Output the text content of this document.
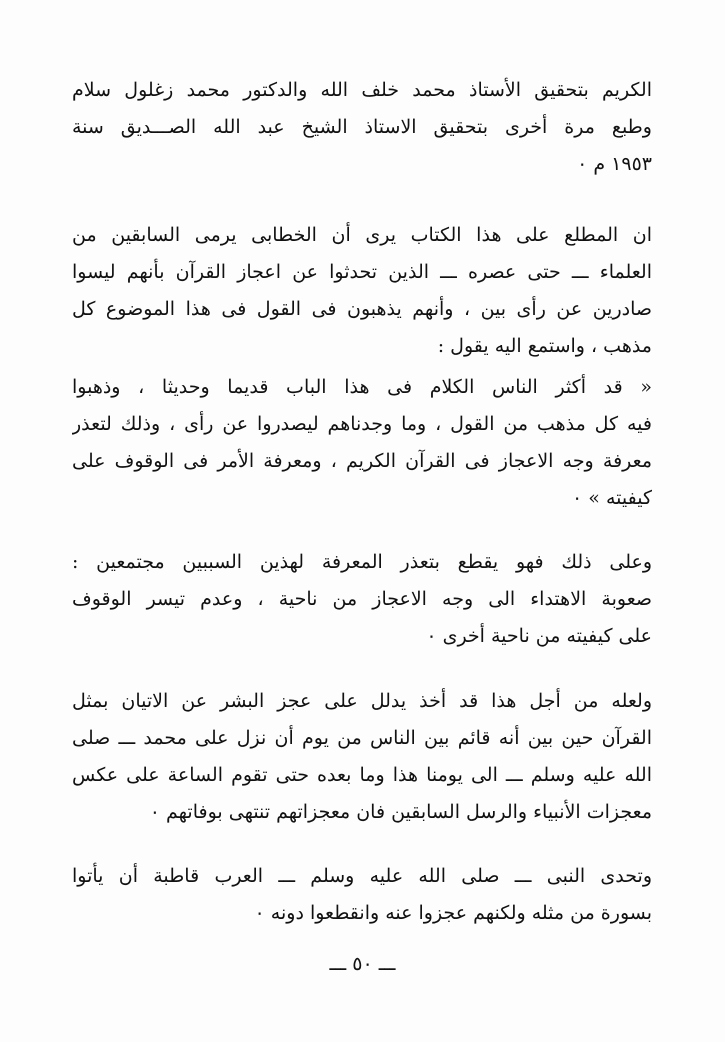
الكريم بتحقيق الأستاذ محمد خلف الله والدكتور محمد زغلول سلام
وطبع مرة أخرى بتحقيق الاستاذ الشيخ عبد الله الصـــديق سنة
١٩٥٣ م ٠
ان المطلع على هذا الكتاب يرى أن الخطابى يرمى السابقين من
العلماء ـــ حتى عصره ـــ الذين تحدثوا عن اعجاز القرآن بأنهم ليسوا
صادرين عن رأى بين ، وأنهم يذهبون فى القول فى هذا الموضوع كل
مذهب ، واستمع اليه يقول :
« قد أكثر الناس الكلام فى هذا الباب قديما وحديثا ، وذهبوا
فيه كل مذهب من القول ، وما وجدناهم ليصدروا عن رأى ، وذلك لتعذر
معرفة وجه الاعجاز فى القرآن الكريم ، ومعرفة الأمر فى الوقوف على
كيفيته » ٠
وعلى ذلك فهو يقطع بتعذر المعرفة لهذين السببين مجتمعين :
صعوبة الاهتداء الى وجه الاعجاز من ناحية ، وعدم تيسر الوقوف
على كيفيته من ناحية أخرى ٠
ولعله من أجل هذا قد أخذ يدلل على عجز البشر عن الاتيان بمثل
القرآن حين بين أنه قائم بين الناس من يوم أن نزل على محمد ـــ صلى
الله عليه وسلم ـــ الى يومنا هذا وما بعده حتى تقوم الساعة على عكس
معجزات الأنبياء والرسل السابقين فان معجزاتهم تنتهى بوفاتهم ٠
وتحدى النبى ـــ صلى الله عليه وسلم ـــ العرب قاطبة أن يأتوا
بسورة من مثله ولكنهم عجزوا عنه وانقطعوا دونه ٠
ـــ ٥٠ ـــ
